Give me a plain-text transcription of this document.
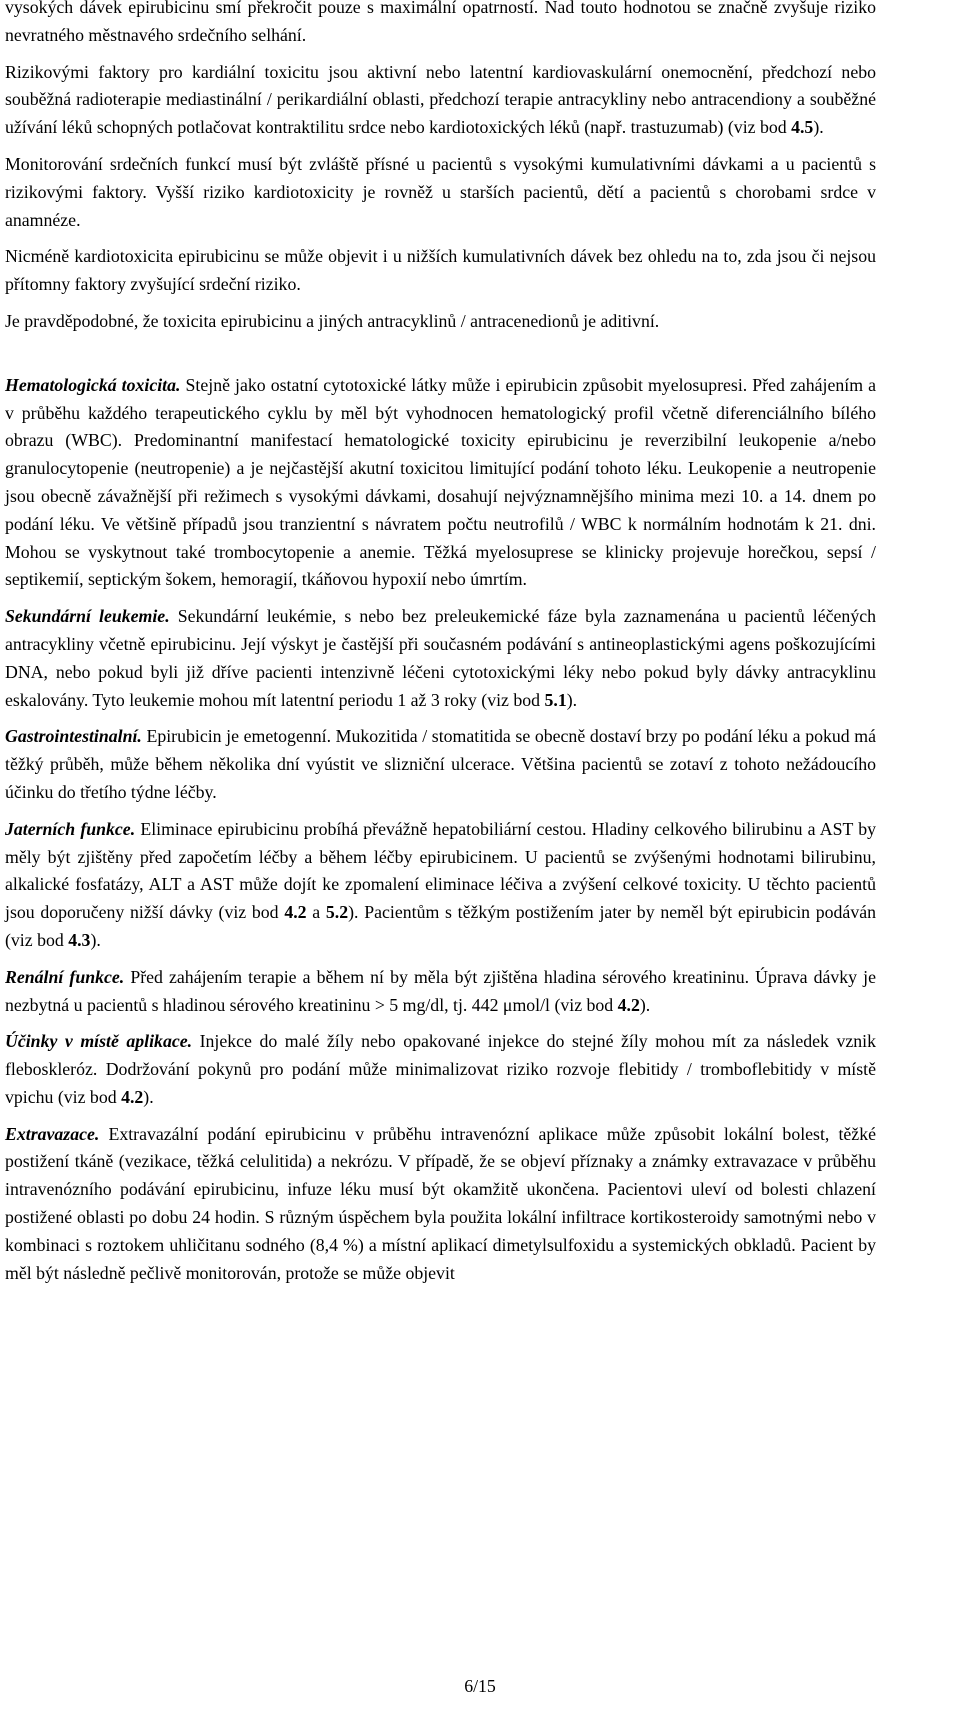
vysokých dávek epirubicinu smí překročit pouze s maximální opatrností. Nad touto hodnotou se značně zvyšuje riziko nevratného městnavého srdečního selhání.

Rizikovými faktory pro kardiální toxicitu jsou aktivní nebo latentní kardiovaskulární onemocnění, předchozí nebo souběžná radioterapie mediastinální / perikardiální oblasti, předchozí terapie antracykliny nebo antracendiony a souběžné užívání léků schopných potlačovat kontraktilitu srdce nebo kardiotoxických léků (např. trastuzumab) (viz bod 4.5).

Monitorování srdečních funkcí musí být zvláště přísné u pacientů s vysokými kumulativními dávkami a u pacientů s rizikovými faktory. Vyšší riziko kardiotoxicity je rovněž u starších pacientů, dětí a pacientů s chorobami srdce v anamnéze.

Nicméně kardiotoxicita epirubicinu se může objevit i u nižších kumulativních dávek bez ohledu na to, zda jsou či nejsou přítomny faktory zvyšující srdeční riziko.

Je pravděpodobné, že toxicita epirubicinu a jiných antracyklinů / antracenedionů je aditivní.

Hematologická toxicita. Stejně jako ostatní cytotoxické látky může i epirubicin způsobit myelosupresi. Před zahájením a v průběhu každého terapeutického cyklu by měl být vyhodnocen hematologický profil včetně diferenciálního bílého obrazu (WBC). Predominantní manifestací hematologické toxicity epirubicinu je reverzibilní leukopenie a/nebo granulocytopenie (neutropenie) a je nejčastější akutní toxicitou limitující podání tohoto léku. Leukopenie a neutropenie jsou obecně závažnější při režimech s vysokými dávkami, dosahují nejvýznamnějšího minima mezi 10. a 14. dnem po podání léku. Ve většině případů jsou tranzientní s návratem počtu neutrofilů / WBC k normálním hodnotám k 21. dni. Mohou se vyskytnout také trombocytopenie a anemie. Těžká myelosuprese se klinicky projevuje horečkou, sepsí / septikemií, septickým šokem, hemoragií, tkáňovou hypoxií nebo úmrtím.

Sekundární leukemie. Sekundární leukémie, s nebo bez preleukemické fáze byla zaznamenána u pacientů léčených antracykliny včetně epirubicinu. Její výskyt je častější při současném podávání s antineoplastickými agens poškozujícími DNA, nebo pokud byli již dříve pacienti intenzivně léčeni cytotoxickými léky nebo pokud byly dávky antracyklinu eskalovány. Tyto leukemie mohou mít latentní periodu 1 až 3 roky (viz bod 5.1).

Gastrointestinalní. Epirubicin je emetogenní. Mukozitida / stomatitida se obecně dostaví brzy po podání léku a pokud má těžký průběh, může během několika dní vyústit ve slizniční ulcerace. Většina pacientů se zotaví z tohoto nežádoucího účinku do třetího týdne léčby.

Jaterních funkce. Eliminace epirubicinu probíhá převážně hepatobiliární cestou. Hladiny celkového bilirubinu a AST by měly být zjištěny před započetím léčby a během léčby epirubicinem. U pacientů se zvýšenými hodnotami bilirubinu, alkalické fosfatázy, ALT a AST může dojít ke zpomalení eliminace léčiva a zvýšení celkové toxicity. U těchto pacientů jsou doporučeny nižší dávky (viz bod 4.2 a 5.2). Pacientům s těžkým postižením jater by neměl být epirubicin podáván (viz bod 4.3).

Renální funkce. Před zahájením terapie a během ní by měla být zjištěna hladina sérového kreatininu. Úprava dávky je nezbytná u pacientů s hladinou sérového kreatininu > 5 mg/dl, tj. 442 μmol/l (viz bod 4.2).

Účinky v místě aplikace. Injekce do malé žíly nebo opakované injekce do stejné žíly mohou mít za následek vznik fleboskleróz. Dodržování pokynů pro podání může minimalizovat riziko rozvoje flebitidy / tromboflebitidy v místě vpichu (viz bod 4.2).

Extravazace. Extravazální podání epirubicinu v průběhu intravenózní aplikace může způsobit lokální bolest, těžké postižení tkáně (vezikace, těžká celulitida) a nekrózu. V případě, že se objeví příznaky a známky extravazace v průběhu intravenózního podávání epirubicinu, infuze léku musí být okamžitě ukončena. Pacientovi uleví od bolesti chlazení postižené oblasti po dobu 24 hodin. S různým úspěchem byla použita lokální infiltrace kortikosteroidy samotnými nebo v kombinaci s roztokem uhličitanu sodného (8,4 %) a místní aplikací dimetylsulfoxidu a systemických obkladů. Pacient by měl být následně pečlivě monitorován, protože se může objevit

6/15
